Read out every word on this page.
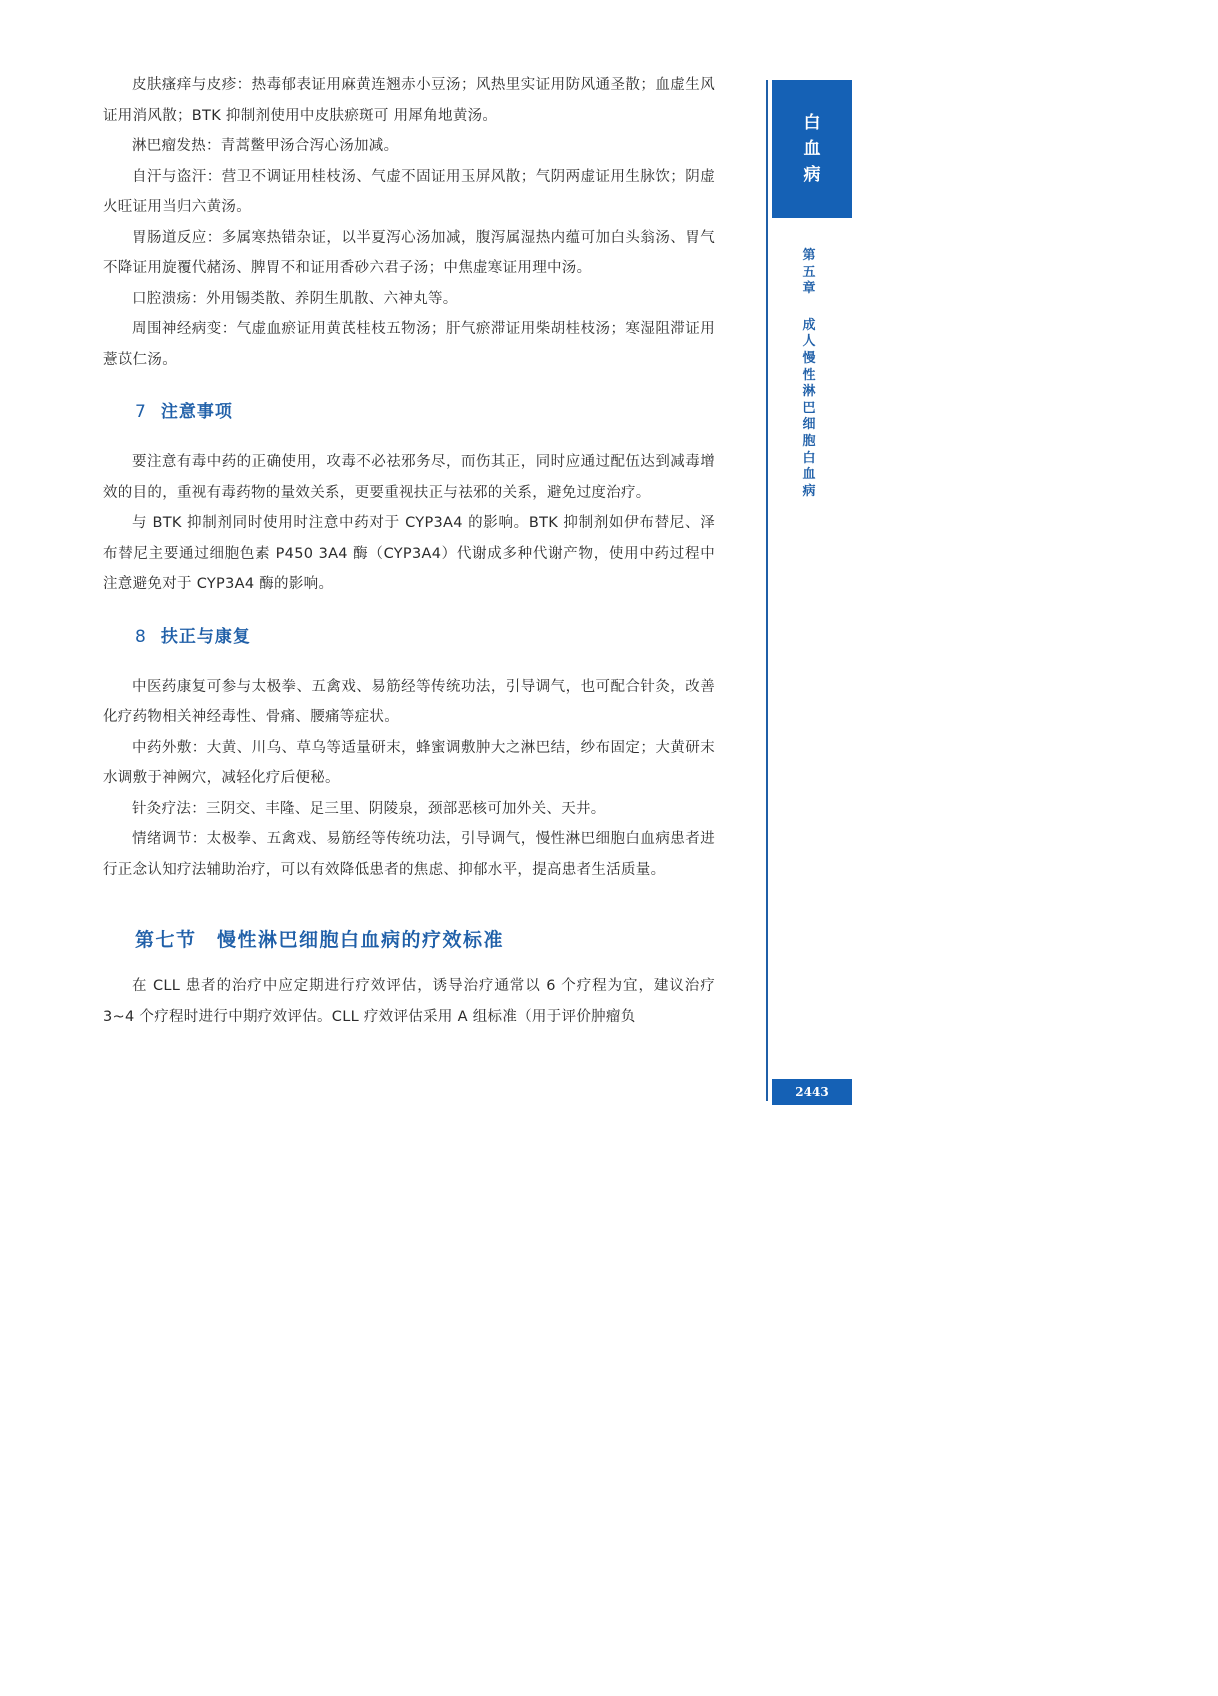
皮肤瘙痒与皮疹：热毒郁表证用麻黄连翘赤小豆汤；风热里实证用防风通圣散；血虚生风证用消风散；BTK 抑制剂使用中皮肤瘀斑可 用犀角地黄汤。

淋巴瘤发热：青蒿鳖甲汤合泻心汤加减。

自汗与盗汗：营卫不调证用桂枝汤、气虚不固证用玉屏风散；气阴两虚证用生脉饮；阴虚火旺证用当归六黄汤。

胃肠道反应：多属寒热错杂证，以半夏泻心汤加减，腹泻属湿热内蕴可加白头翁汤、胃气不降证用旋覆代赭汤、脾胃不和证用香砂六君子汤；中焦虚寒证用理中汤。

口腔溃疡：外用锡类散、养阴生肌散、六神丸等。

周围神经病变：气虚血瘀证用黄芪桂枝五物汤；肝气瘀滞证用柴胡桂枝汤；寒湿阻滞证用薏苡仁汤。

7 注意事项

要注意有毒中药的正确使用，攻毒不必祛邪务尽，而伤其正，同时应通过配伍达到减毒增效的目的，重视有毒药物的量效关系，更要重视扶正与祛邪的关系，避免过度治疗。

与 BTK 抑制剂同时使用时注意中药对于 CYP3A4 的影响。BTK 抑制剂如伊布替尼、泽布替尼主要通过细胞色素 P450 3A4 酶（CYP3A4）代谢成多种代谢产物，使用中药过程中注意避免对于 CYP3A4 酶的影响。

8 扶正与康复

中医药康复可参与太极拳、五禽戏、易筋经等传统功法，引导调气，也可配合针灸，改善化疗药物相关神经毒性、骨痛、腰痛等症状。

中药外敷：大黄、川乌、草乌等适量研末，蜂蜜调敷肿大之淋巴结，纱布固定；大黄研末水调敷于神阙穴，减轻化疗后便秘。

针灸疗法：三阴交、丰隆、足三里、阴陵泉，颈部恶核可加外关、天井。

情绪调节：太极拳、五禽戏、易筋经等传统功法，引导调气，慢性淋巴细胞白血病患者进行正念认知疗法辅助治疗，可以有效降低患者的焦虑、抑郁水平，提高患者生活质量。

第七节　慢性淋巴细胞白血病的疗效标准

在 CLL 患者的治疗中应定期进行疗效评估，诱导治疗通常以 6 个疗程为宜，建议治疗 3~4 个疗程时进行中期疗效评估。CLL 疗效评估采用 A 组标准（用于评价肿瘤负

白
血
病
第
五
章
成
人
慢
性
淋
巴
细
胞
白
血
病
2443
